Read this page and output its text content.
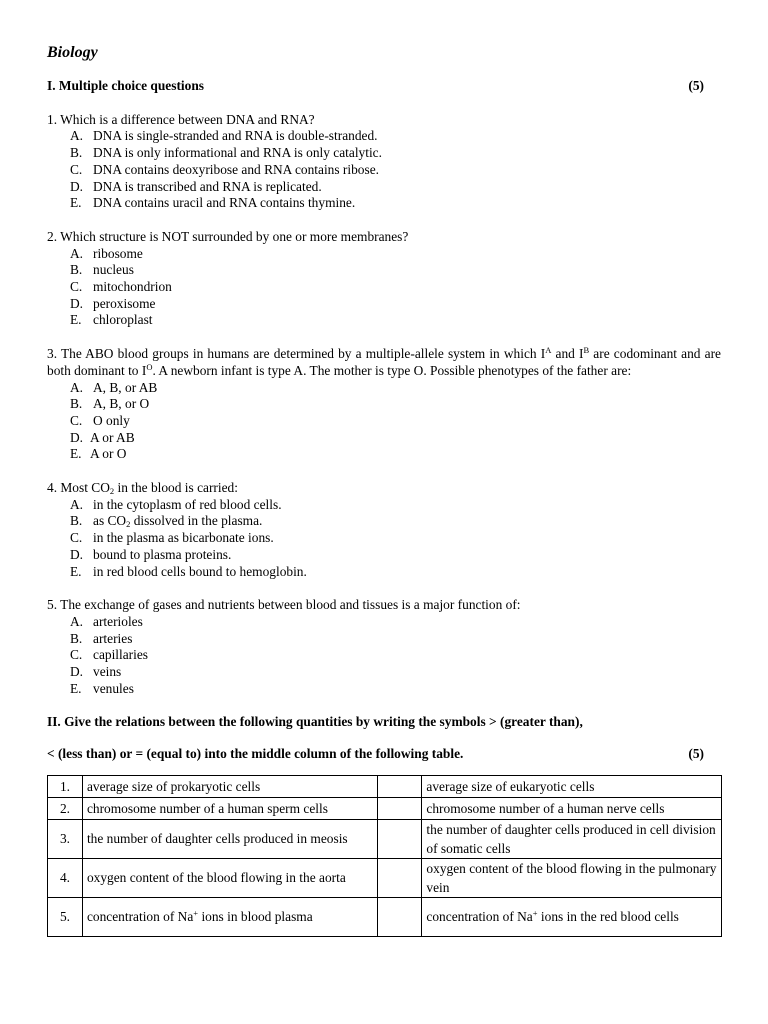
Biology
I. Multiple choice questions	(5)
1. Which is a difference between DNA and RNA?
A. DNA is single-stranded and RNA is double-stranded.
B. DNA is only informational and RNA is only catalytic.
C. DNA contains deoxyribose and RNA contains ribose.
D. DNA is transcribed and RNA is replicated.
E. DNA contains uracil and RNA contains thymine.
2. Which structure is NOT surrounded by one or more membranes?
A. ribosome
B. nucleus
C. mitochondrion
D. peroxisome
E. chloroplast
3. The ABO blood groups in humans are determined by a multiple-allele system in which $I^A$ and $I^B$ are codominant and are both dominant to $I^O$. A newborn infant is type A. The mother is type O. Possible phenotypes of the father are:
A. A, B, or AB
B. A, B, or O
C. O only
D. A or AB
E. A or O
4. Most $CO_2$ in the blood is carried:
A. in the cytoplasm of red blood cells.
B. as $CO_2$ dissolved in the plasma.
C. in the plasma as bicarbonate ions.
D. bound to plasma proteins.
E. in red blood cells bound to hemoglobin.
5. The exchange of gases and nutrients between blood and tissues is a major function of:
A. arterioles
B. arteries
C. capillaries
D. veins
E. venules
II. Give the relations between the following quantities by writing the symbols > (greater than),
< (less than) or = (equal to) into the middle column of the following table.	(5)
1.	average size of prokaryotic cells		average size of eukaryotic cells
2.	chromosome number of a human sperm cells		chromosome number of a human nerve cells
3.	the number of daughter cells produced in meosis		the number of daughter cells produced in cell division of somatic cells
4.	oxygen content of the blood flowing in the aorta		oxygen content of the blood flowing in the pulmonary vein
5.	concentration of Na+ ions in blood plasma		concentration of Na+ ions in the red blood cells
